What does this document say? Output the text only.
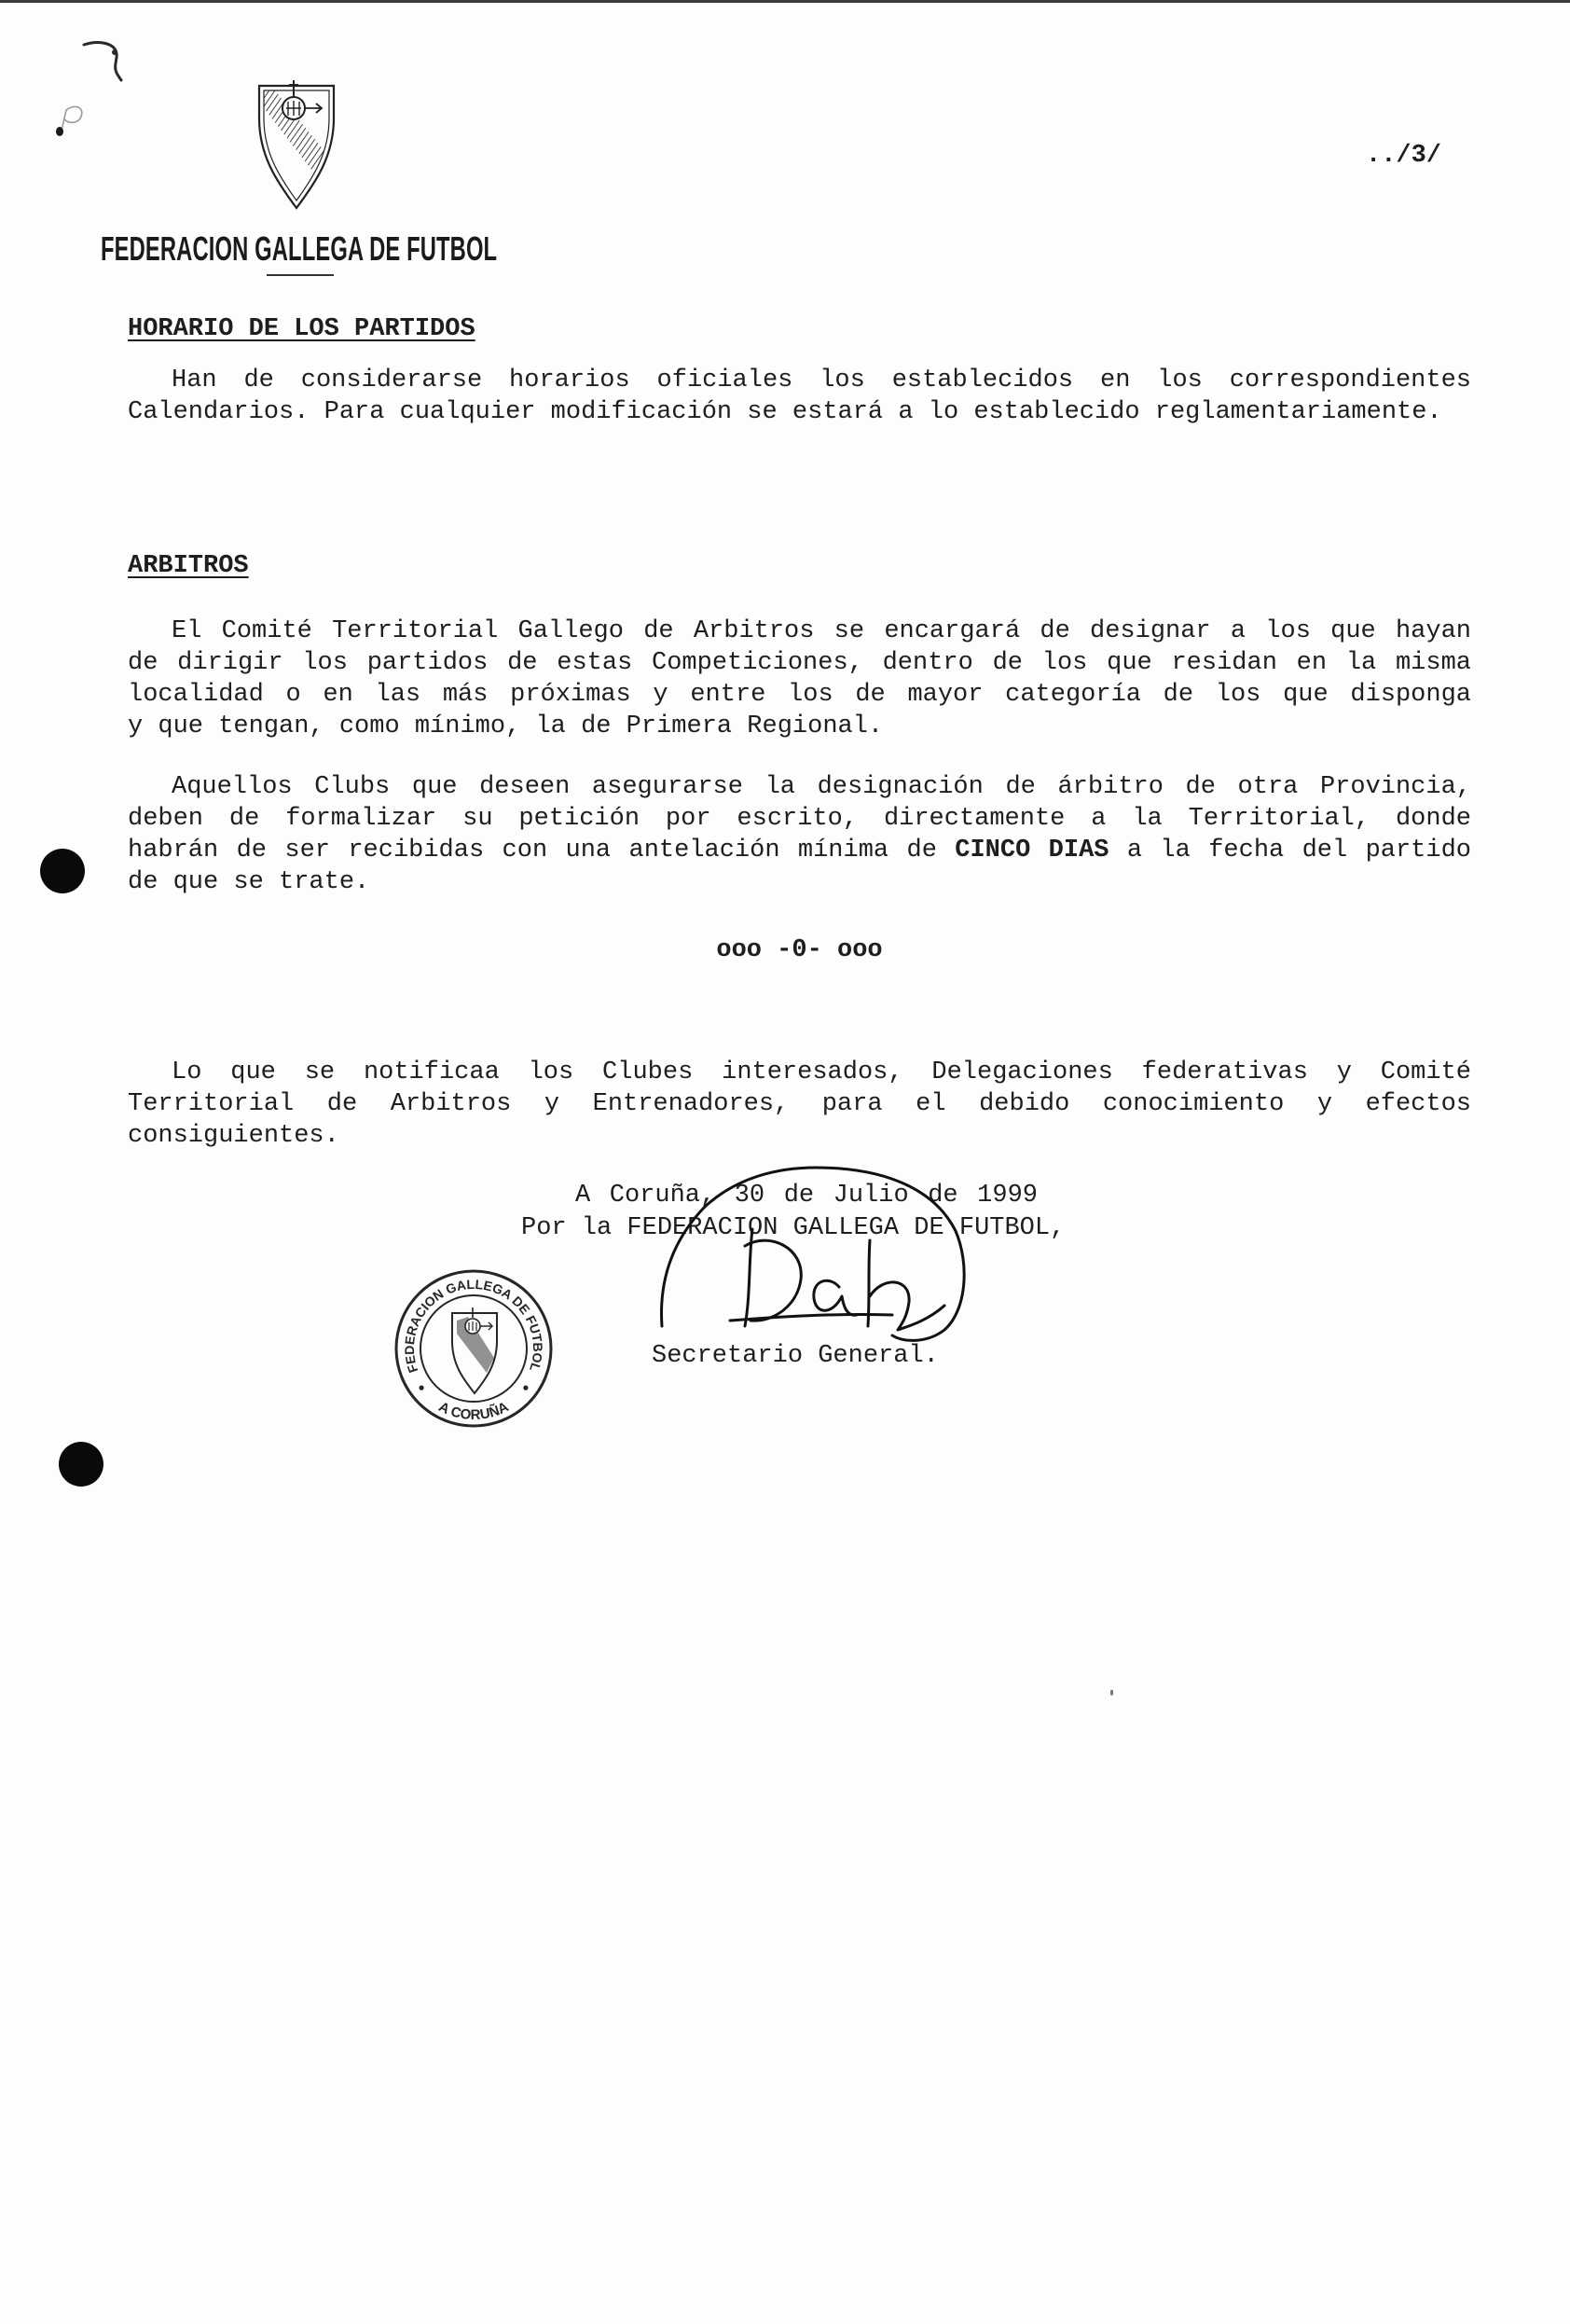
FEDERACION GALLEGA DE FUTBOL
../3/
HORARIO DE LOS PARTIDOS
Han de considerarse horarios oficiales los establecidos en los correspondientes
Calendarios. Para cualquier modificación se estará a lo establecido reglamentariamente.
ARBITROS
El Comité Territorial Gallego de Arbitros se encargará de designar a los que hayan
de dirigir los partidos de estas Competiciones, dentro de los que residan en la misma
localidad o en las más próximas y entre los de mayor categoría de los que disponga
y que tengan, como mínimo, la de Primera Regional.
Aquellos Clubs que deseen asegurarse la designación de árbitro de otra Provincia,
deben de formalizar su petición por escrito, directamente a la Territorial, donde
habrán de ser recibidas con una antelación mínima de CINCO DIAS a la fecha del partido
de que se trate.
ooo -0- ooo
Lo que se notificaa los Clubes interesados, Delegaciones federativas y Comité
Territorial de Arbitros y Entrenadores, para el debido conocimiento y efectos
consiguientes.
A Coruña, 30 de Julio de 1999
Por la FEDERACION GALLEGA DE FUTBOL,
Secretario General.
FEDERACION GALLEGA DE FUTBOL
A CORUÑA
